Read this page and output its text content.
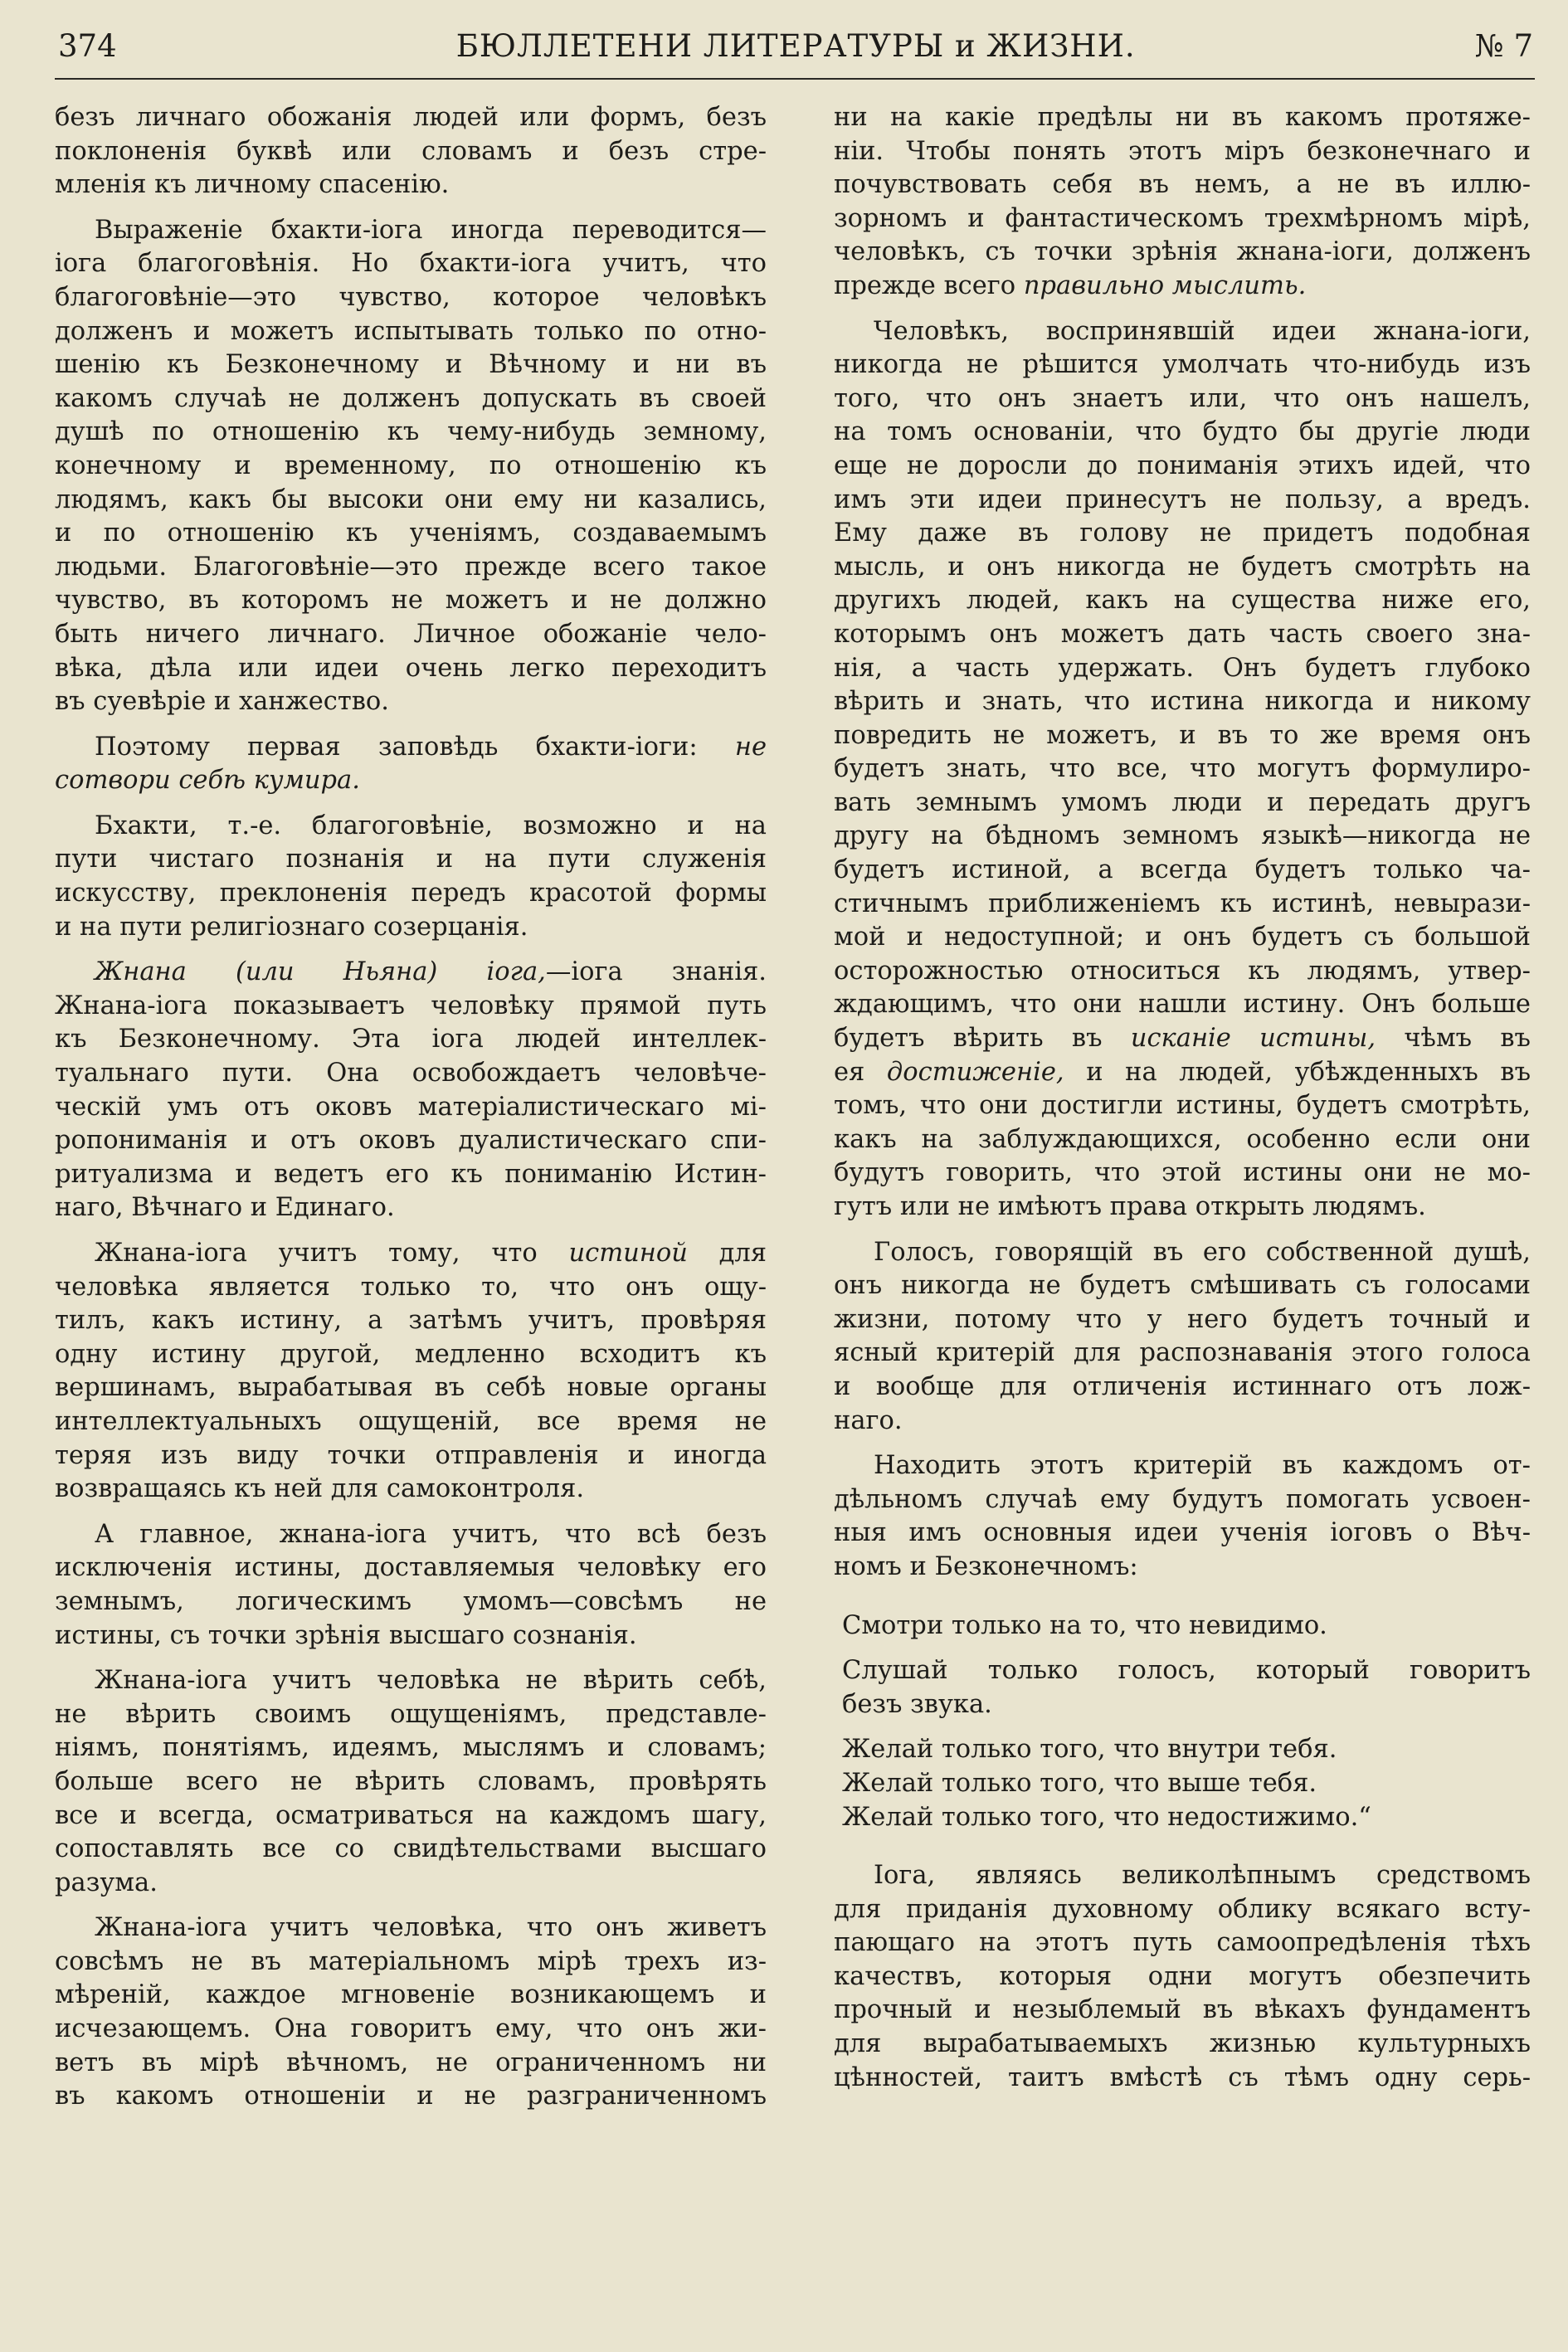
374	БЮЛЛЕТЕНИ ЛИТЕРАТУРЫ и ЖИЗНИ.	№ 7
безъ личнаго обожанія людей или формъ, безъ
поклоненія буквѣ или словамъ и безъ стре-
мленія къ личному спасенію.
Выраженіе бхакти-іога иногда переводится—
іога благоговѣнія. Но бхакти-іога учитъ, что
благоговѣніе—это чувство, которое человѣкъ
долженъ и можетъ испытывать только по отно-
шенію къ Безконечному и Вѣчному и ни въ
какомъ случаѣ не долженъ допускать въ своей
душѣ по отношенію къ чему-нибудь земному,
конечному и временному, по отношенію къ
людямъ, какъ бы высоки они ему ни казались,
и по отношенію къ ученіямъ, создаваемымъ
людьми. Благоговѣніе—это прежде всего такое
чувство, въ которомъ не можетъ и не должно
быть ничего личнаго. Личное обожаніе чело-
вѣка, дѣла или идеи очень легко переходитъ
въ суевѣріе и ханжество.
Поэтому первая заповѣдь бхакти-іоги: не
сотвори себѣ кумира.
Бхакти, т.-е. благоговѣніе, возможно и на
пути чистаго познанія и на пути служенія
искусству, преклоненія передъ красотой формы
и на пути религіознаго созерцанія.
Жнана (или Ньяна) іога,—іога знанія.
Жнана-іога показываетъ человѣку прямой путь
къ Безконечному. Эта іога людей интеллек-
туальнаго пути. Она освобождаетъ человѣче-
ческій умъ отъ оковъ матеріалистическаго мі-
ропониманія и отъ оковъ дуалистическаго спи-
ритуализма и ведетъ его къ пониманію Истин-
наго, Вѣчнаго и Единаго.
Жнана-іога учитъ тому, что истиной для
человѣка является только то, что онъ ощу-
тилъ, какъ истину, а затѣмъ учитъ, провѣряя
одну истину другой, медленно всходитъ къ
вершинамъ, вырабатывая въ себѣ новые органы
интеллектуальныхъ ощущеній, все время не
теряя изъ виду точки отправленія и иногда
возвращаясь къ ней для самоконтроля.
А главное, жнана-іога учитъ, что всѣ безъ
исключенія истины, доставляемыя человѣку его
земнымъ, логическимъ умомъ—совсѣмъ не
истины, съ точки зрѣнія высшаго сознанія.
Жнана-іога учитъ человѣка не вѣрить себѣ,
не вѣрить своимъ ощущеніямъ, представле-
ніямъ, понятіямъ, идеямъ, мыслямъ и словамъ;
больше всего не вѣрить словамъ, провѣрять
все и всегда, осматриваться на каждомъ шагу,
сопоставлять все со свидѣтельствами высшаго
разума.
Жнана-іога учитъ человѣка, что онъ живетъ
совсѣмъ не въ матеріальномъ мірѣ трехъ из-
мѣреній, каждое мгновеніе возникающемъ и
исчезающемъ. Она говоритъ ему, что онъ жи-
ветъ въ мірѣ вѣчномъ, не ограниченномъ ни
въ какомъ отношеніи и не разграниченномъ
ни на какіе предѣлы ни въ какомъ протяже-
ніи. Чтобы понять этотъ міръ безконечнаго и
почувствовать себя въ немъ, а не въ иллю-
зорномъ и фантастическомъ трехмѣрномъ мірѣ,
человѣкъ, съ точки зрѣнія жнана-іоги, долженъ
прежде всего правильно мыслить.
Человѣкъ, воспринявшій идеи жнана-іоги,
никогда не рѣшится умолчать что-нибудь изъ
того, что онъ знаетъ или, что онъ нашелъ,
на томъ основаніи, что будто бы другіе люди
еще не доросли до пониманія этихъ идей, что
имъ эти идеи принесутъ не пользу, а вредъ.
Ему даже въ голову не придетъ подобная
мысль, и онъ никогда не будетъ смотрѣть на
другихъ людей, какъ на существа ниже его,
которымъ онъ можетъ дать часть своего зна-
нія, а часть удержать. Онъ будетъ глубоко
вѣрить и знать, что истина никогда и никому
повредить не можетъ, и въ то же время онъ
будетъ знать, что все, что могутъ формулиро-
вать земнымъ умомъ люди и передать другъ
другу на бѣдномъ земномъ языкѣ—никогда не
будетъ истиной, а всегда будетъ только ча-
стичнымъ приближеніемъ къ истинѣ, невырази-
мой и недоступной; и онъ будетъ съ большой
осторожностью относиться къ людямъ, утвер-
ждающимъ, что они нашли истину. Онъ больше
будетъ вѣрить въ исканіе истины, чѣмъ въ
ея достиженіе, и на людей, убѣжденныхъ въ
томъ, что они достигли истины, будетъ смотрѣть,
какъ на заблуждающихся, особенно если они
будутъ говорить, что этой истины они не мо-
гутъ или не имѣютъ права открыть людямъ.
Голосъ, говорящій въ его собственной душѣ,
онъ никогда не будетъ смѣшивать съ голосами
жизни, потому что у него будетъ точный и
ясный критерій для распознаванія этого голоса
и вообще для отличенія истиннаго отъ лож-
наго.
Находить этотъ критерій въ каждомъ от-
дѣльномъ случаѣ ему будутъ помогать усвоен-
ныя имъ основныя идеи ученія іоговъ о Вѣч-
номъ и Безконечномъ:
Смотри только на то, что невидимо.
Слушай только голосъ, который говоритъ
безъ звука.
Желай только того, что внутри тебя.
Желай только того, что выше тебя.
Желай только того, что недостижимо.“
Іога, являясь великолѣпнымъ средствомъ
для приданія духовному облику всякаго всту-
пающаго на этотъ путь самоопредѣленія тѣхъ
качествъ, которыя одни могутъ обезпечить
прочный и незыблемый въ вѣкахъ фундаментъ
для вырабатываемыхъ жизнью культурныхъ
цѣнностей, таитъ вмѣстѣ съ тѣмъ одну серь-
